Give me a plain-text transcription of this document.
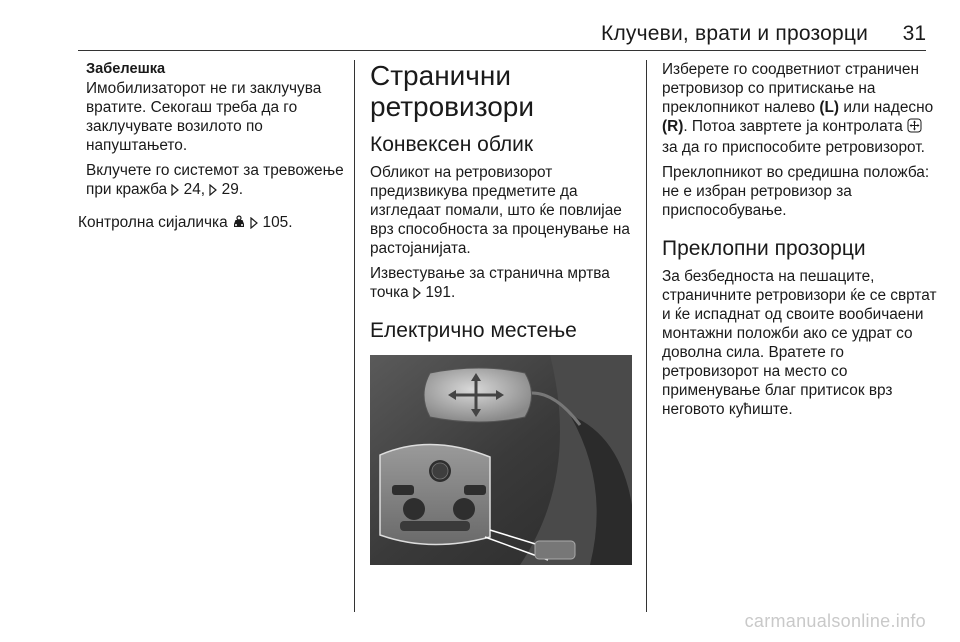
Клучеви, врати и прозорци 31

Забелешка

Имобилизаторот не ги заклучува вратите. Секогаш треба да го заклучувате возилото по напуштањето.

Вклучете го системот за тревожење при кражба  24,  29.

Контролна сијаличка   105.

Странични ретровизори

Конвексен облик

Обликот на ретровизорот предизвикува предметите да изгледаат помали, што ќе повлијае врз способноста за проценување на растојанијата.

Известување за странична мртва точка  191.

Електрично местење

Изберете го соодветниот страничен ретровизор со притискање на преклопникот налево (L) или надесно (R). Потоа завртете ја контролата  за да го приспособите ретровизорот.

Преклопникот во средишна положба: не е избран ретровизор за приспособување.

Преклопни прозорци

За безбедноста на пешаците, страничните ретровизори ќе се свртат и ќе испаднат од своите вообичаени монтажни положби ако се удрат со доволна сила. Вратете го ретровизорот на место со применување благ притисок врз неговото кућиште.

carmanualsonline.info
